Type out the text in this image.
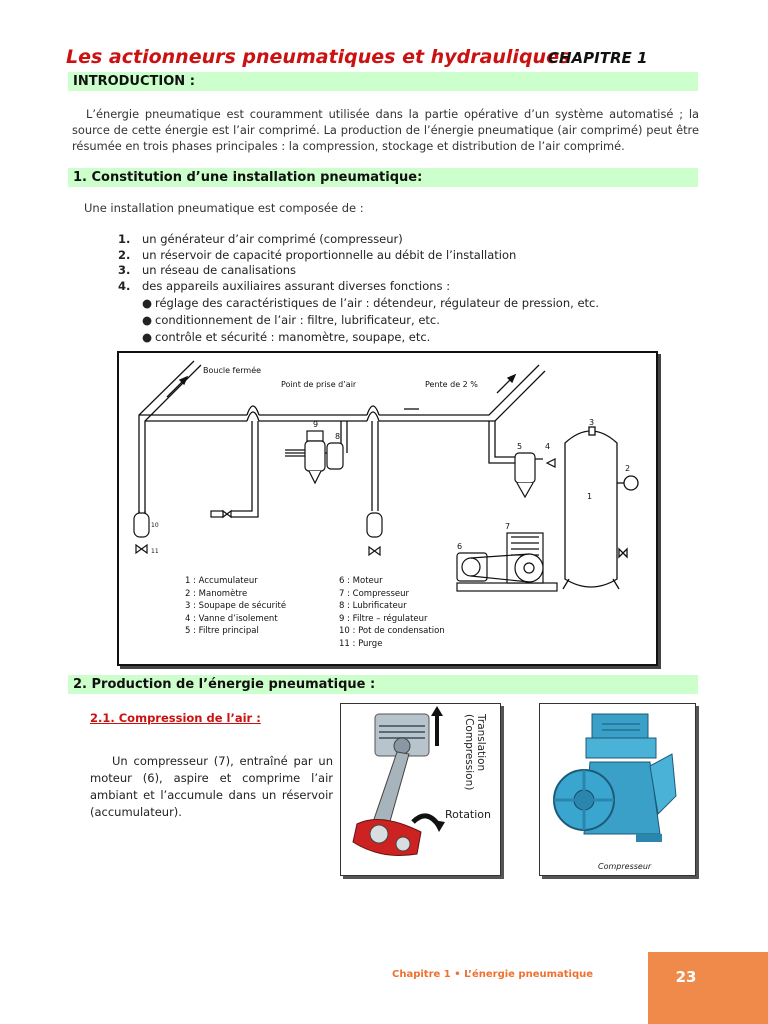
Les actionneurs pneumatiques et hydrauliques
CHAPITRE 1
INTRODUCTION :
L’énergie pneumatique est couramment utilisée dans la partie opérative d’un système automatisé ; la source de cette énergie est l’air comprimé. La production de l’énergie pneumatique (air comprimé) peut être résumée en trois phases principales : la compression, stockage et distribution de l’air comprimé.
1. Constitution d’une installation pneumatique:
Une installation pneumatique est composée de :
1. un générateur d’air comprimé (compresseur)
2. un réservoir de capacité proportionnelle au débit de l’installation
3. un réseau de canalisations
4. des appareils auxiliaires assurant diverses fonctions :
● réglage des caractéristiques de l’air : détendeur, régulateur de pression, etc.
● conditionnement de l’air : filtre, lubrificateur, etc.
● contrôle et sécurité : manomètre, soupape, etc.
Boucle fermée
Point de prise d’air	Pente de 2 %
3
4
5
2
1
7
6
9
8
10
11
1 : Accumulateur
2 : Manomètre
3 : Soupape de sécurité
4 : Vanne d’isolement
5 : Filtre principal
6 : Moteur
7 : Compresseur
8 : Lubrificateur
9 : Filtre – régulateur
10 : Pot de condensation
11 : Purge
2. Production de l’énergie pneumatique :
2.1. Compression de l’air :
Un compresseur (7), entraîné par un moteur (6), aspire et comprime l’air ambiant et l’accumule dans un réservoir (accumulateur).
Translation
(Compression)
Rotation
Compresseur
Chapitre 1 • L’énergie pneumatique	23
